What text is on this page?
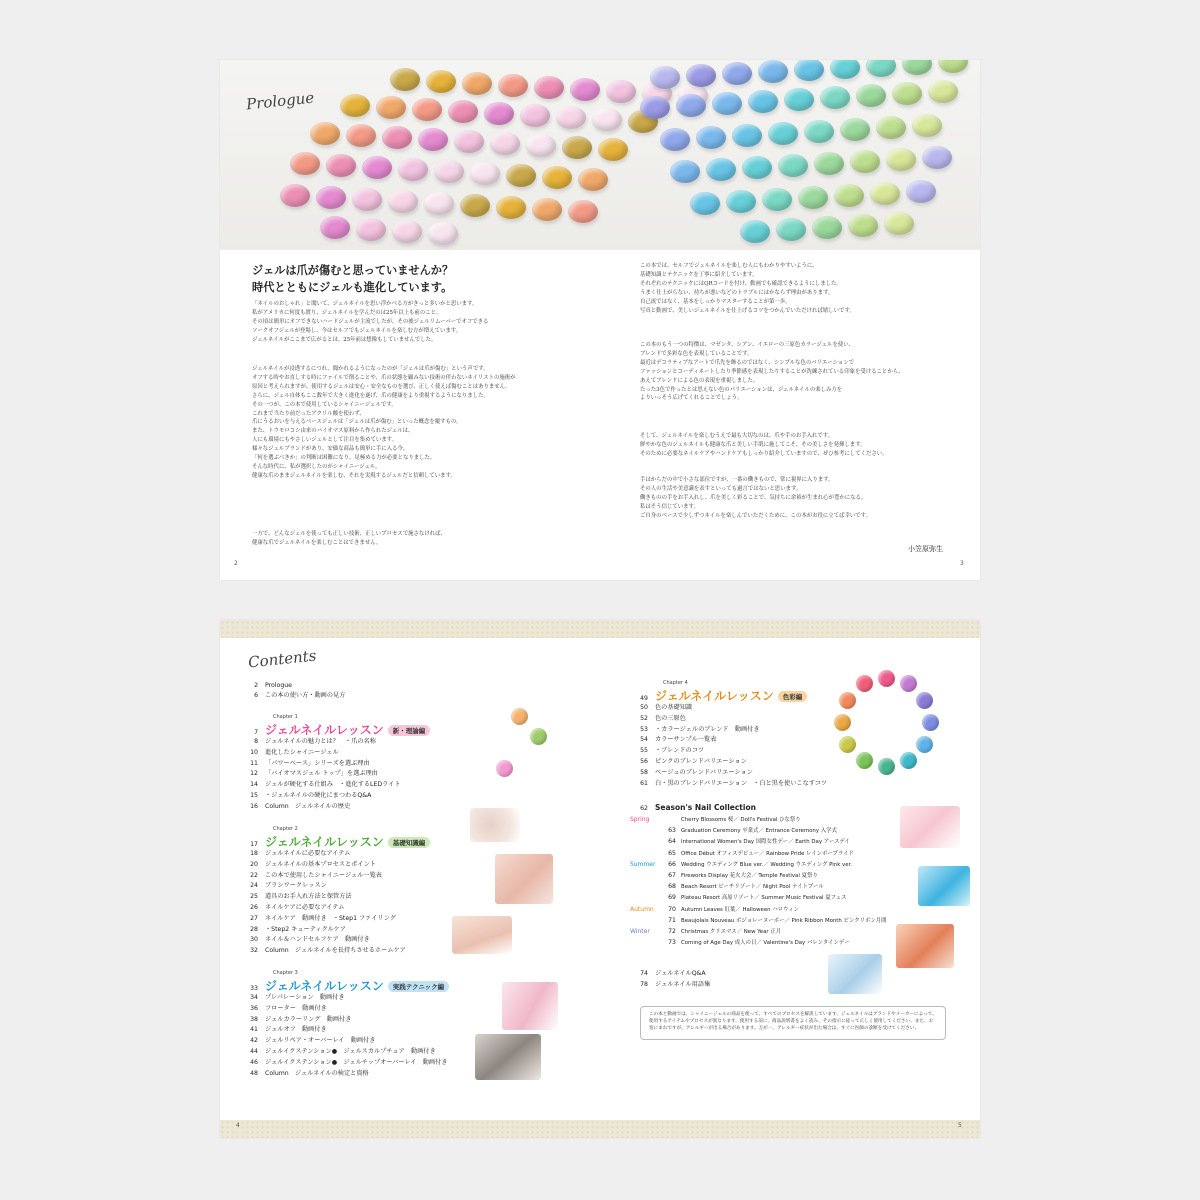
Prologue
ジェルは爪が傷むと思っていませんか？
時代とともにジェルも進化しています。
「ネイルのおしゃれ」と聞いて、ジェルネイルを思い浮かべる方がきっと多いかと思います。
私がアメリカに何度も渡り、ジェルネイルを学んだのは25年以上も前のこと。
その頃は簡単にオフできないハードジェルが主流でしたが、その後ジェルリムーバーでオフできる
ソークオフジェルが登場し、今はセルフでもジェルネイルを楽しむ方が増えています。
ジェルネイルがここまで広がるとは、25年前は想像もしていませんでした。
ジェルネイルが浸透するにつれ、聞かれるようになったのが「ジェルは爪が傷む」という声です。
オフする時やお直しする時にファイルで削ることや、爪の状態を顧みない技術の伴わないネイリストの施術が
原因と考えられますが、使用するジェルは安心・安全なものを選び、正しく使えば傷むことはありません。
さらに、ジェル自体もここ数年で大きく進化を遂げ、爪の健康をより重視するようになりました。
その一つが、この本で使用しているシャイニージェルです。
これまで当たり前だったアクリル酸を使わず、
爪にうるおいを与えるベースジェルは「ジェルは爪が傷む」といった概念を覆すもの。
また、トウモロコシ由来のバイオマス原料から作られたジェルは、
人にも環境にもやさしいジェルとして注目を集めています。
様々なジェルブランドがあり、安価な商品も簡単に手に入る今、
「何を選ぶべきか」の判断は困難になり、見極める力が必要となりました。
そんな時代に、私が選択したのがシャイニージェル。
健康な爪のままジェルネイルを楽しむ、それを実現するジェルだと信頼しています。
一方で、どんなジェルを使っても正しい技術、正しいプロセスで施さなければ、
健康な爪でジェルネイルを楽しむことはできません。
この本では、セルフでジェルネイルを楽しむ人にもわかりやすいように、
基礎知識とテクニックを丁寧に紹介しています。
それぞれのテクニックにはQRコードを付け、動画でも確認できるようにしました。
うまく仕上がらない、持ちが悪いなどのトラブルにはかならず理由があります。
自己流ではなく、基本をしっかりマスターすることが第一歩。
写真と動画で、美しいジェルネイルを仕上げるコツをつかんでいただければ嬉しいです。
この本のもう一つの特徴は、マゼンタ、シアン、イエローの三原色カラージェルを使い、
ブレンドで多彩な色を表現していることです。
最近はデコラティブなアートで爪先を飾るのではなく、シンプルな色のバリエーションで
ファッションとコーディネートしたり季節感を表現したりすることが洗練されている印象を受けることから、
あえてブレンドによる色の表現を重視しました。
たった3色で作ったとは思えない色のバリエーションは、ジェルネイルの楽しみ方を
よりいっそう広げてくれることでしょう。
そして、ジェルネイルを楽しむうえで最も大切なのは、爪や手のお手入れです。
鮮やかな色のジェルネイルも健康な爪と美しい手肌に施してこそ、その美しさを発揮します。
そのために必要なネイルケアやハンドケアもしっかり紹介していますので、ぜひ参考にしてください。
手はからだの中で小さな部位ですが、一番の働きもので、常に視界に入ります。
その人の生活や美意識を表すといっても過言ではないと思います。
働きものの手をお手入れし、爪を美しく彩ることで、気持ちに余裕が生まれ心が豊かになる。
私はそう信じています。
ご自身のペースで少しずつネイルを楽しんでいただくために、この本がお役に立てば幸いです。
小笠原弥生
2	3
Contents
2 Prologue
6 この本の使い方・動画の見方
Chapter 1
7 ジェルネイルレッスン 新・理論編
8 ジェルネイルの魅力とは？　・爪の名称
10 進化したシャイニージェル
11 「パワーベース」シリーズを選ぶ理由
12 「バイオマスジェル トップ」を選ぶ理由
14 ジェルが硬化する仕組み　・進化するLEDライト
15 ・ジェルネイルの硬化にまつわるQ&A
16 Column　ジェルネイルの歴史
Chapter 2
17 ジェルネイルレッスン 基礎知識編
18 ジェルネイルに必要なアイテム
20 ジェルネイルの基本プロセスとポイント
22 この本で使用したシャイニージェル一覧表
24 ブラシワークレッスン
25 道具のお手入れ方法と保管方法
26 ネイルケアに必要なアイテム
27 ネイルケア　動画付き　・Step1 ファイリング
28 ・Step2 キューティクルケア
30 ネイル＆ハンドセルフケア　動画付き
32 Column　ジェルネイルを長持ちさせるホームケア
Chapter 3
33 ジェルネイルレッスン 実践テクニック編
34 プレパレーション　動画付き
36 フローター　動画付き
38 ジェルカラーリング　動画付き
41 ジェルオフ　動画付き
42 ジェルリペア・オーバーレイ　動画付き
44 ジェルイクステンション●　ジェルスカルプチュア　動画付き
46 ジェルイクステンション●　ジェルチップオーバーレイ　動画付き
48 Column　ジェルネイルの検定と資格
Chapter 4
49 ジェルネイルレッスン 色彩編
50 色の基礎知識
52 色の三原色
53 ・カラージェルのブレンド　動画付き
54 カラーサンプル一覧表
55 ・ブレンドのコツ
56 ピンクのブレンドバリエーション
58 ベージュのブレンドバリエーション
61 白・黒のブレンドバリエーション　・白と黒を使いこなすコツ
62 Season's Nail Collection
Spring	Cherry Blossoms 桜／ Doll's Festival ひな祭り
63 Graduation Ceremony 卒業式／ Entrance Ceremony 入学式
64 International Women's Day 国際女性デー／ Earth Day アースデイ
65 Office Début オフィスデビュー／ Rainbow Pride レインボープライド
Summer 66 Wedding ウエディング Blue ver.／ Wedding ウエディング Pink ver.
67 Fireworks Display 花火大会／ Temple Festival 夏祭り
68 Beach Resort ビーチリゾート／ Night Pool ナイトプール
69 Plateau Resort 高原リゾート／ Summer Music Festival 夏フェス
Autumn 70 Autumn Leaves 紅葉／ Halloween ハロウィン
71 Beaujolais Nouveau ボジョレーヌーボー／ Pink Ribbon Month ピンクリボン月間
Winter	72 Christmas クリスマス／ New Year 正月
73 Coming of Age Day 成人の日／ Valentine's Day バレンタインデー
74 ジェルネイルQ&A
78 ジェルネイル用語集
この本と動画では、シャイニージェルの商品を使って、すべてのプロセスを解説しています。ジェルネイルはブランドやメーカーによって、使用するアイテムやプロセスが異なります。使用する前に、商品説明書をよく読み、その指示に従って正しく使用してください。また、お客にまれですが、アレルギーが出る場合があります。万が一、アレルギー症状が出た場合は、すぐに医師の診断を受けてください。
4	5
